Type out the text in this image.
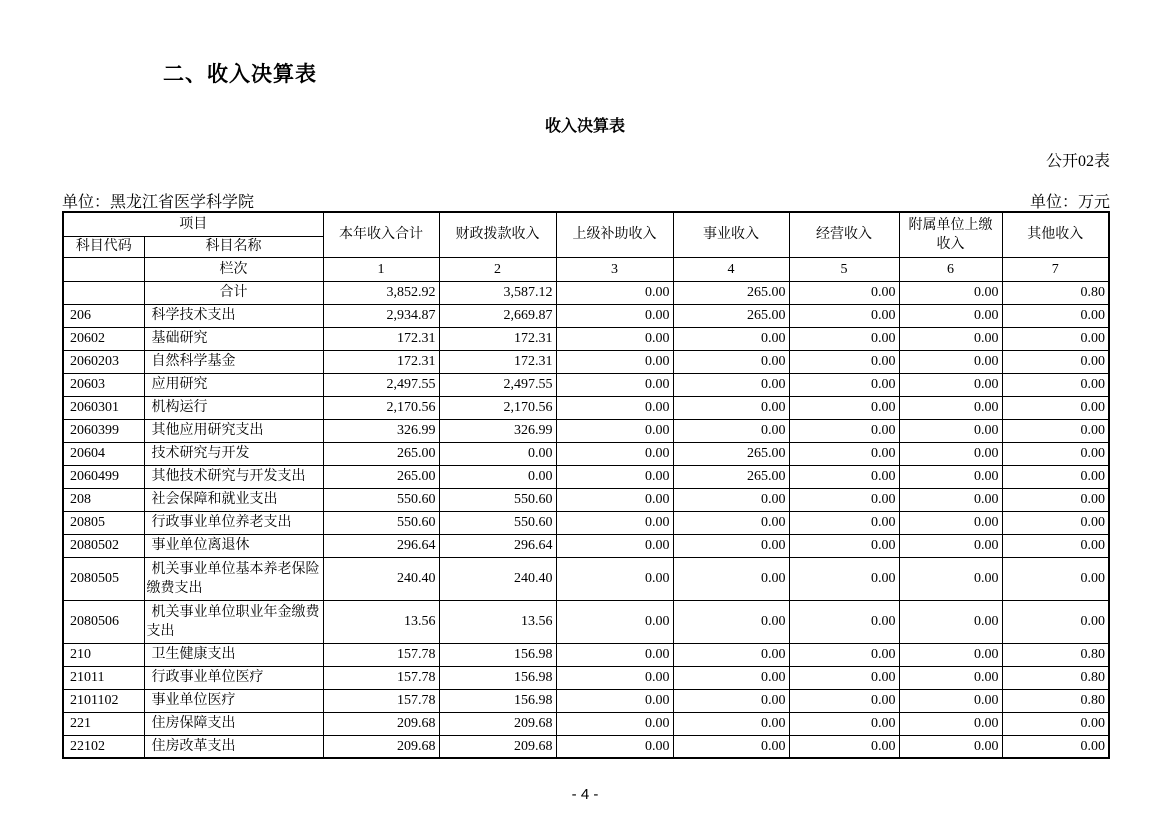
二、收入决算表
收入决算表
公开02表
单位：黑龙江省医学科学院	单位：万元
项目		本年收入合计	财政拨款收入	上级补助收入	事业收入	经营收入	附属单位上缴收入	其他收入
科目代码	科目名称							
	栏次	1	2	3	4	5	6	7
	合计	3,852.92	3,587.12	0.00	265.00	0.00	0.00	0.80
206	科学技术支出	2,934.87	2,669.87	0.00	265.00	0.00	0.00	0.00
20602	基础研究	172.31	172.31	0.00	0.00	0.00	0.00	0.00
2060203	自然科学基金	172.31	172.31	0.00	0.00	0.00	0.00	0.00
20603	应用研究	2,497.55	2,497.55	0.00	0.00	0.00	0.00	0.00
2060301	机构运行	2,170.56	2,170.56	0.00	0.00	0.00	0.00	0.00
2060399	其他应用研究支出	326.99	326.99	0.00	0.00	0.00	0.00	0.00
20604	技术研究与开发	265.00	0.00	0.00	265.00	0.00	0.00	0.00
2060499	其他技术研究与开发支出	265.00	0.00	0.00	265.00	0.00	0.00	0.00
208	社会保障和就业支出	550.60	550.60	0.00	0.00	0.00	0.00	0.00
20805	行政事业单位养老支出	550.60	550.60	0.00	0.00	0.00	0.00	0.00
2080502	事业单位离退休	296.64	296.64	0.00	0.00	0.00	0.00	0.00
2080505	机关事业单位基本养老保险缴费支出	240.40	240.40	0.00	0.00	0.00	0.00	0.00
2080506	机关事业单位职业年金缴费支出	13.56	13.56	0.00	0.00	0.00	0.00	0.00
210	卫生健康支出	157.78	156.98	0.00	0.00	0.00	0.00	0.80
21011	行政事业单位医疗	157.78	156.98	0.00	0.00	0.00	0.00	0.80
2101102	事业单位医疗	157.78	156.98	0.00	0.00	0.00	0.00	0.80
221	住房保障支出	209.68	209.68	0.00	0.00	0.00	0.00	0.00
22102	住房改革支出	209.68	209.68	0.00	0.00	0.00	0.00	0.00
- 4 -
